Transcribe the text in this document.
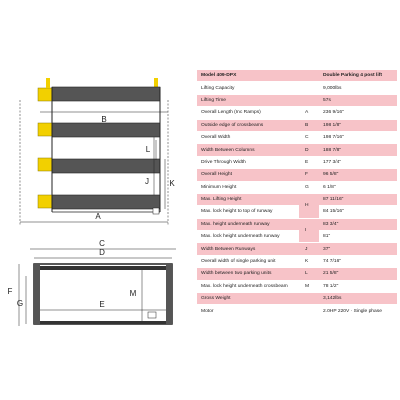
B
A
J	K
L
C
D
F
G	E
M
Model 409-DPX		Double Parking 4 post lift
Lifting Capacity		9,000lbs
Lifting Time		57s
Overall Length (Inc Ramps)	A	236 9/16"
Outside edge of crossbeams	B	198 1/8"
Overall Width	C	198 7/16"
Width Between Columns	D	188 7/8"
Drive Through Width	E	177 3/4"
Overall Height	F	96 5/8"
Minimum Height	G	6 1/8"
Max. Lifting Height	H	87 11/16"
Max. lock height to top of runway		84 15/16"
Max. height underneath runway	I	83 3/4"
Max. lock height underneath runway		81"
Width Between Runways	J	37"
Overall width of single parking unit	K	74 7/16"
Width between two parking units	L	21 5/8"
Max. lock height underneath crossbeam	M	78 1/2"
Gross Weight		3,142lbs
Motor		2.0HP 220V · Single phase
